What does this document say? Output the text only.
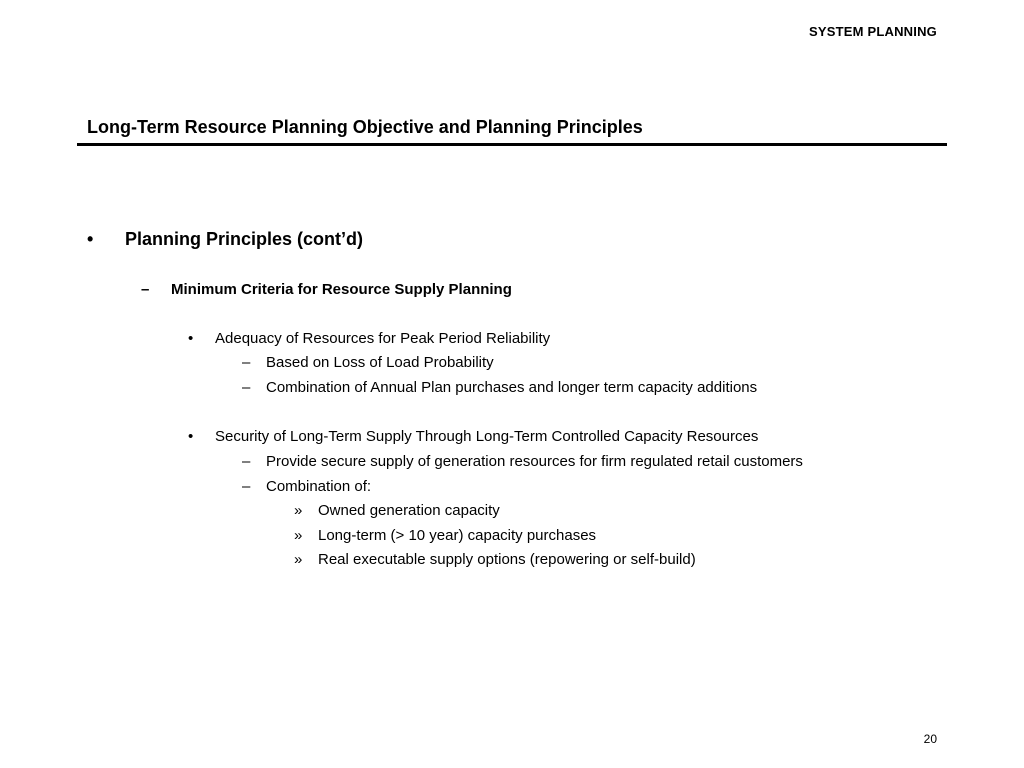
SYSTEM PLANNING
Long-Term Resource Planning Objective and Planning Principles
• Planning Principles (cont’d)
– Minimum Criteria for Resource Supply Planning
• Adequacy of Resources for Peak Period Reliability
– Based on Loss of Load Probability
– Combination of Annual Plan purchases and longer term capacity additions
• Security of Long-Term Supply Through Long-Term Controlled Capacity Resources
– Provide secure supply of generation resources for firm regulated retail customers
– Combination of:
» Owned generation capacity
» Long-term (> 10 year) capacity purchases
» Real executable supply options (repowering or self-build)
20
